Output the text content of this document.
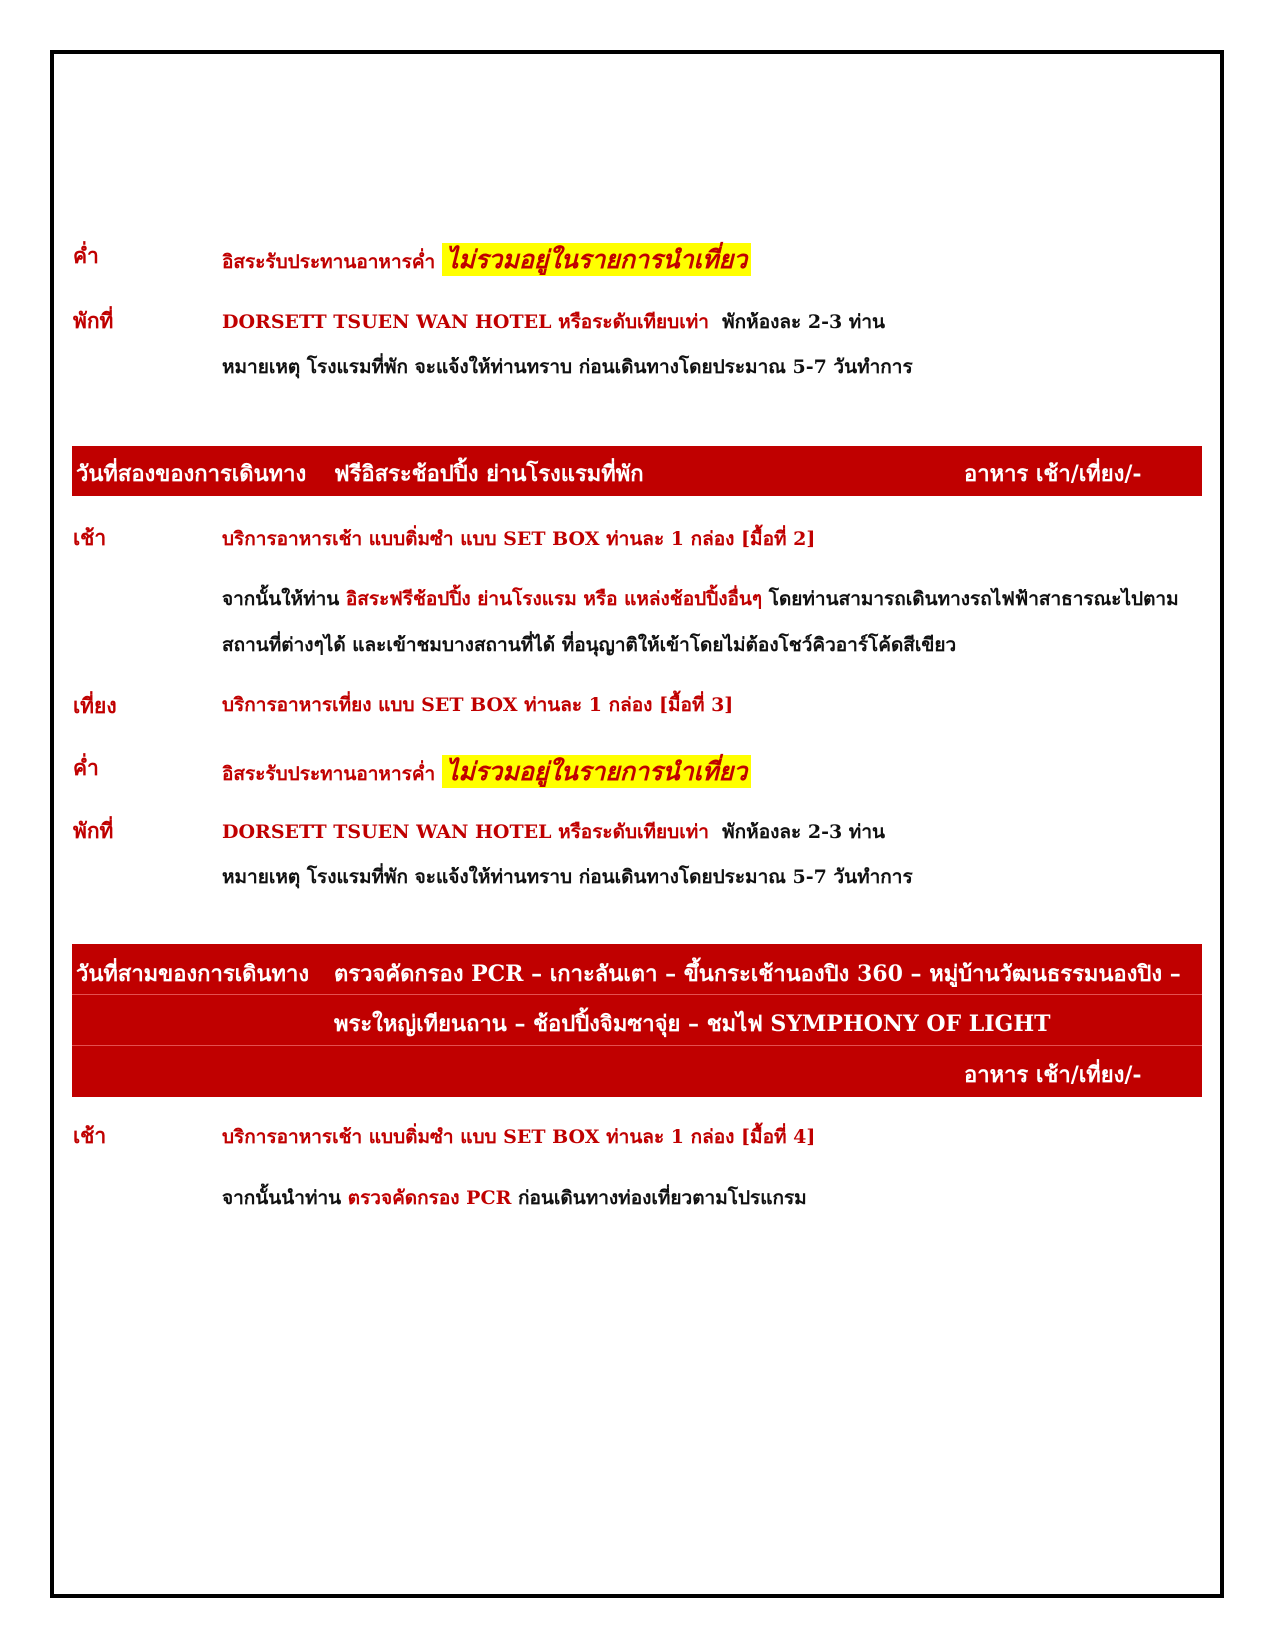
ค่ำ	อิสระรับประทานอาหารค่ำ ไม่รวมอยู่ในรายการนำเที่ยว
พักที่	DORSETT TSUEN WAN HOTEL หรือระดับเทียบเท่า พักห้องละ 2-3 ท่าน
หมายเหตุ โรงแรมที่พัก จะแจ้งให้ท่านทราบ ก่อนเดินทางโดยประมาณ 5-7 วันทำการ
วันที่สองของการเดินทาง ฟรีอิสระช้อปปิ้ง ย่านโรงแรมที่พัก	อาหาร เช้า/เที่ยง/-
เช้า	บริการอาหารเช้า แบบติ่มซำ แบบ SET BOX ท่านละ 1 กล่อง [มื้อที่ 2]
จากนั้นให้ท่าน อิสระฟรีช้อปปิ้ง ย่านโรงแรม หรือ แหล่งช้อปปิ้งอื่นๆ โดยท่านสามารถเดินทางรถไฟฟ้าสาธารณะไปตาม
สถานที่ต่างๆได้ และเข้าชมบางสถานที่ได้ ที่อนุญาติให้เข้าโดยไม่ต้องโชว์คิวอาร์โค้ดสีเขียว
เที่ยง	บริการอาหารเที่ยง แบบ SET BOX ท่านละ 1 กล่อง [มื้อที่ 3]
ค่ำ	อิสระรับประทานอาหารค่ำ ไม่รวมอยู่ในรายการนำเที่ยว
พักที่	DORSETT TSUEN WAN HOTEL หรือระดับเทียบเท่า พักห้องละ 2-3 ท่าน
หมายเหตุ โรงแรมที่พัก จะแจ้งให้ท่านทราบ ก่อนเดินทางโดยประมาณ 5-7 วันทำการ
วันที่สามของการเดินทาง ตรวจคัดกรอง PCR – เกาะลันเตา – ขึ้นกระเช้านองปิง 360 – หมู่บ้านวัฒนธรรมนองปิง –
พระใหญ่เทียนถาน – ช้อปปิ้งจิมซาจุ่ย – ชมไฟ SYMPHONY OF LIGHT
อาหาร เช้า/เที่ยง/-
เช้า	บริการอาหารเช้า แบบติ่มซำ แบบ SET BOX ท่านละ 1 กล่อง [มื้อที่ 4]
จากนั้นนำท่าน ตรวจคัดกรอง PCR ก่อนเดินทางท่องเที่ยวตามโปรแกรม
